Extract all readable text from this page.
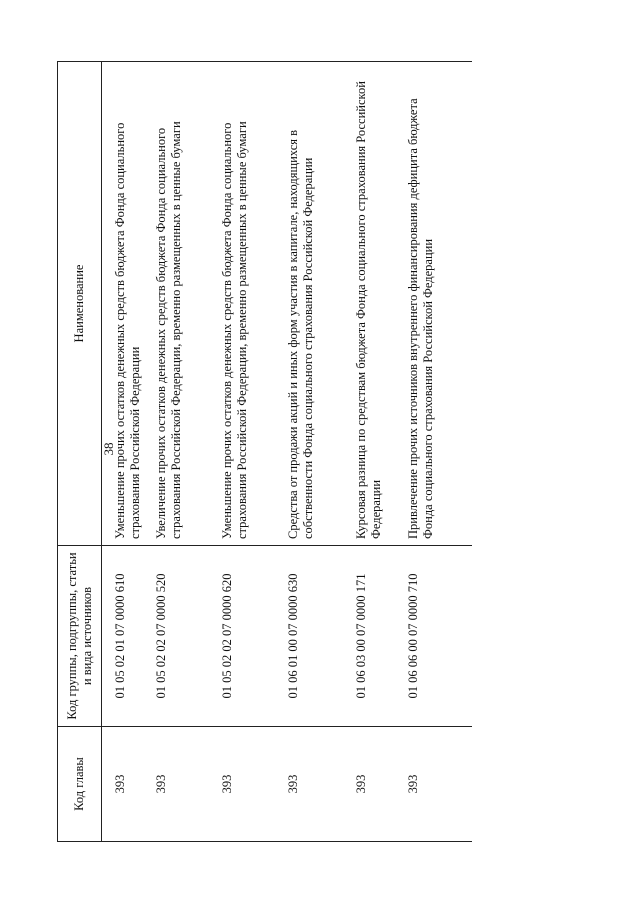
38
Код главы	Код группы, подгруппы, статьи и вида источников	Наименование
393	01 05 02 01 07 0000 610	Уменьшение прочих остатков денежных средств бюджета Фонда социального страхования Российской Федерации
393	01 05 02 02 07 0000 520	Увеличение прочих остатков денежных средств бюджета Фонда социального страхования Российской Федерации, временно размещенных в ценные бумаги
393	01 05 02 02 07 0000 620	Уменьшение прочих остатков денежных средств бюджета Фонда социального страхования Российской Федерации, временно размещенных в ценные бумаги
393	01 06 01 00 07 0000 630	Средства от продажи акций и иных форм участия в капитале, находящихся в собственности Фонда социального страхования Российской Федерации
393	01 06 03 00 07 0000 171	Курсовая разница по средствам бюджета Фонда социального страхования Российской Федерации
393	01 06 06 00 07 0000 710	Привлечение прочих источников внутреннего финансирования дефицита бюджета Фонда социального страхования Российской Федерации
